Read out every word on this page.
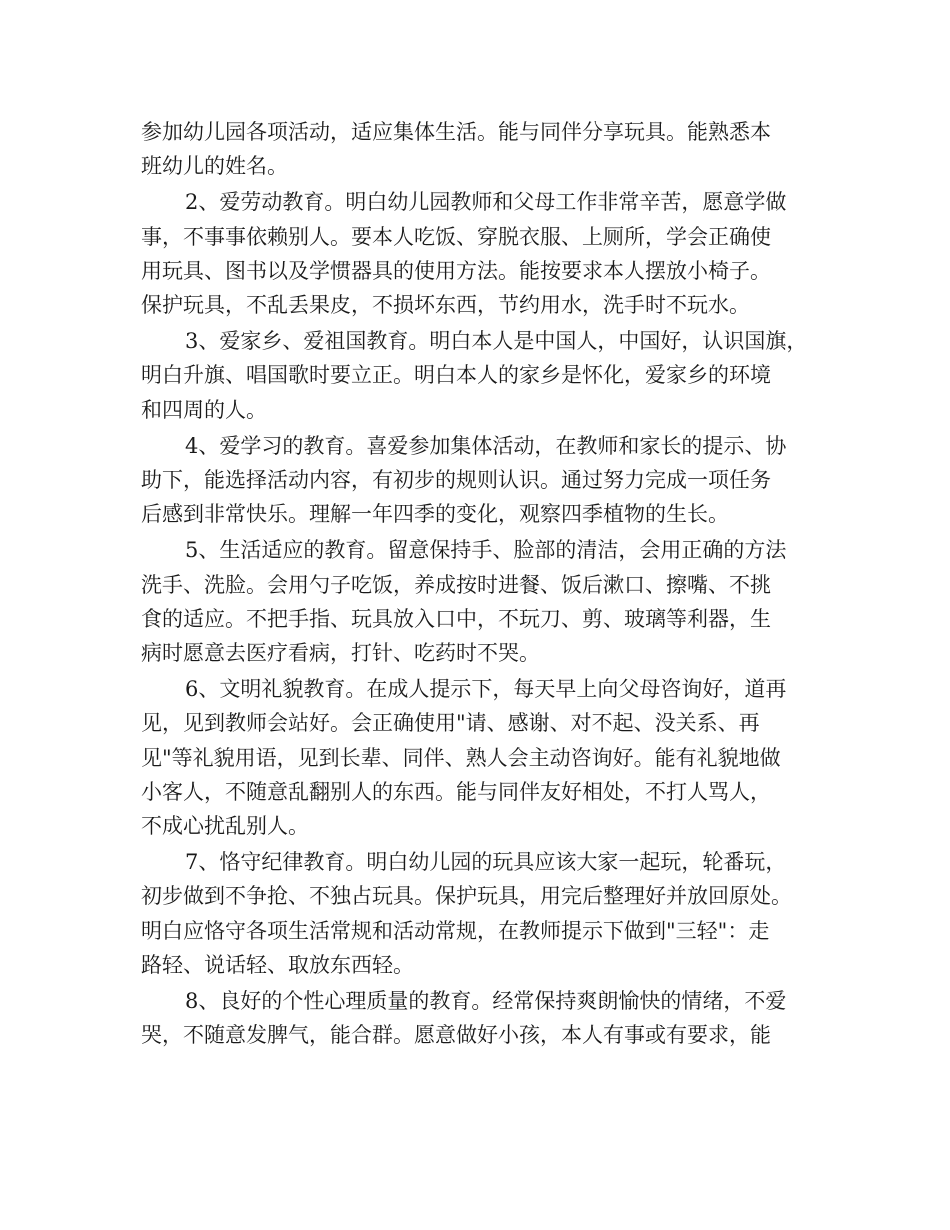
参加幼儿园各项活动，适应集体生活。能与同伴分享玩具。能熟悉本
班幼儿的姓名。

2、爱劳动教育。明白幼儿园教师和父母工作非常辛苦，愿意学做
事，不事事依赖别人。要本人吃饭、穿脱衣服、上厕所，学会正确使
用玩具、图书以及学惯器具的使用方法。能按要求本人摆放小椅子。
保护玩具，不乱丢果皮，不损坏东西，节约用水，洗手时不玩水。

3、爱家乡、爱祖国教育。明白本人是中国人，中国好，认识国旗，
明白升旗、唱国歌时要立正。明白本人的家乡是怀化，爱家乡的环境
和四周的人。

4、爱学习的教育。喜爱参加集体活动，在教师和家长的提示、协
助下，能选择活动内容，有初步的规则认识。通过努力完成一项任务
后感到非常快乐。理解一年四季的变化，观察四季植物的生长。

5、生活适应的教育。留意保持手、脸部的清洁，会用正确的方法
洗手、洗脸。会用勺子吃饭，养成按时进餐、饭后漱口、擦嘴、不挑
食的适应。不把手指、玩具放入口中，不玩刀、剪、玻璃等利器，生
病时愿意去医疗看病，打针、吃药时不哭。

6、文明礼貌教育。在成人提示下，每天早上向父母咨询好，道再
见，见到教师会站好。会正确使用"请、感谢、对不起、没关系、再
见"等礼貌用语，见到长辈、同伴、熟人会主动咨询好。能有礼貌地做
小客人，不随意乱翻别人的东西。能与同伴友好相处，不打人骂人，
不成心扰乱别人。

7、恪守纪律教育。明白幼儿园的玩具应该大家一起玩，轮番玩，
初步做到不争抢、不独占玩具。保护玩具，用完后整理好并放回原处。
明白应恪守各项生活常规和活动常规，在教师提示下做到"三轻"：走
路轻、说话轻、取放东西轻。

8、良好的个性心理质量的教育。经常保持爽朗愉快的情绪，不爱
哭，不随意发脾气，能合群。愿意做好小孩，本人有事或有要求，能
